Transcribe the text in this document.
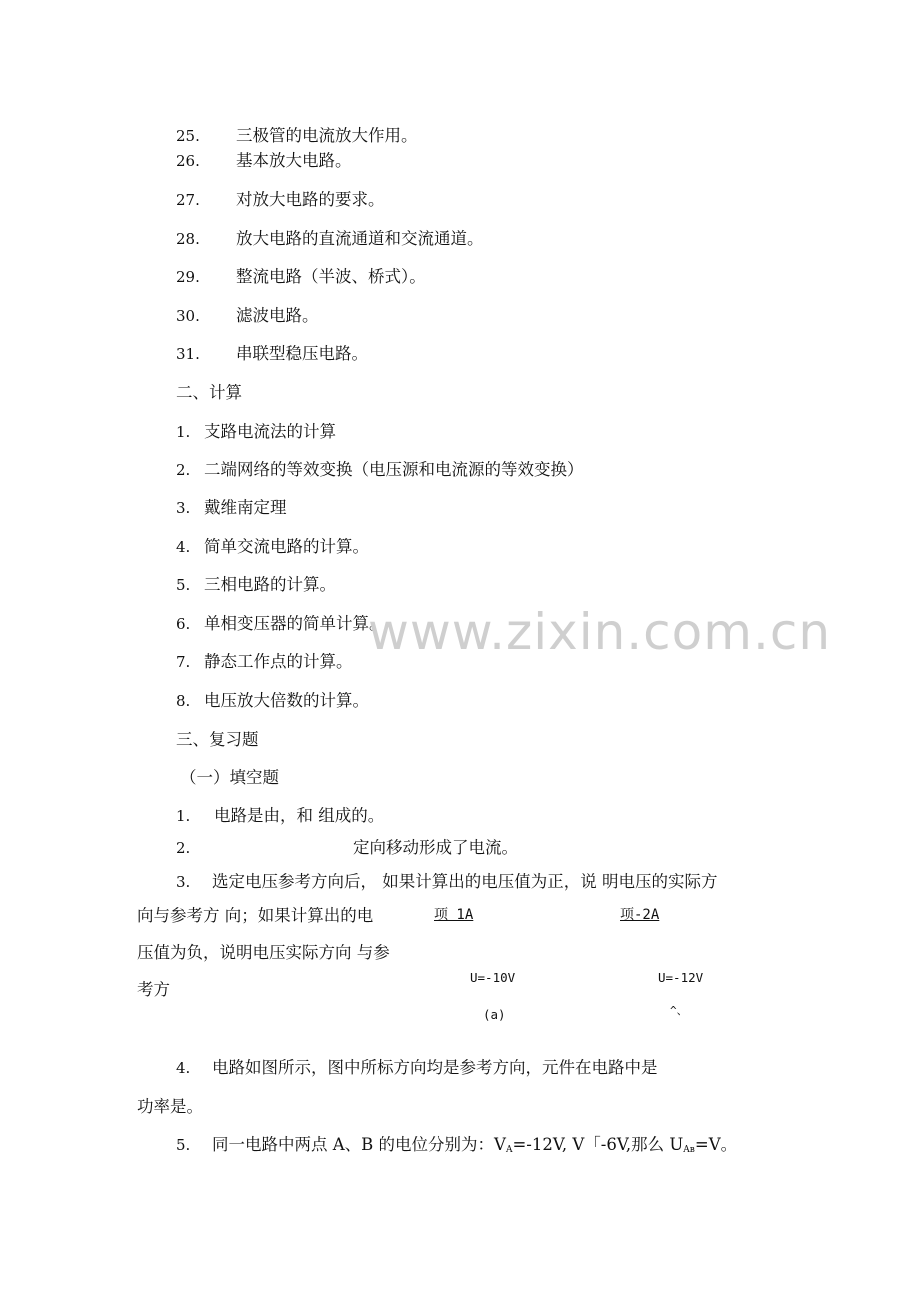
25. 三极管的电流放大作用。
26. 基本放大电路。
27. 对放大电路的要求。
28. 放大电路的直流通道和交流通道。
29. 整流电路（半波、桥式）。
30. 滤波电路。
31. 串联型稳压电路。
二、计算
1. 支路电流法的计算
2. 二端网络的等效变换（电压源和电流源的等效变换）
3. 戴维南定理
4. 简单交流电路的计算。
5. 三相电路的计算。
6. 单相变压器的简单计算。
7. 静态工作点的计算。
8. 电压放大倍数的计算。
三、复习题
（一）填空题
1. 电路是由，和 组成的。
2.	定向移动形成了电流。
3. 选定电压参考方向后， 如果计算出的电压值为正，说 明电压的实际方
向与参考方 向；如果计算出的电
压值为负，说明电压实际方向 与参
考方
项 1A	项-2A
U=-10V	U=-12V
(a)	^、
4. 电路如图所示，图中所标方向均是参考方向，元件在电路中是
功率是。
5. 同一电路中两点 A、B 的电位分别为：$V_A=-12V$, V「-6V,那么 $U_{Aʙ}=V$。
www.zixin.com.cn
